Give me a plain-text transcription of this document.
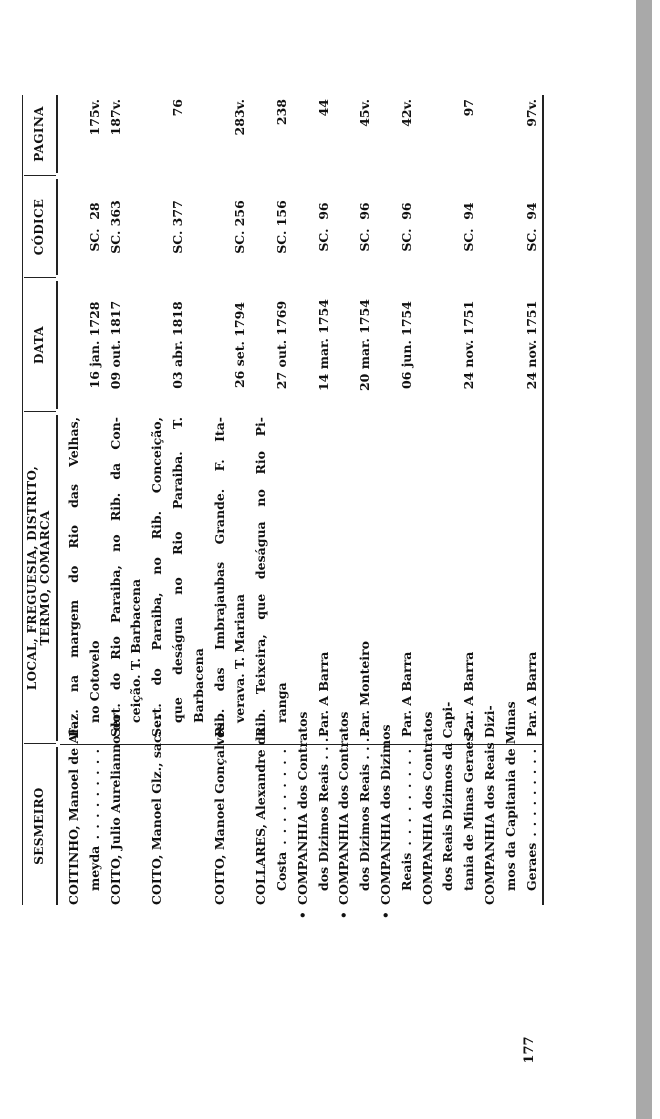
SESMEIRO
LOCAL, FREGUESIA, DISTRITO, TERMO, COMARCA
DATA
CÓDICE
PAGINA
COITINHO, Manoel de Al- meyda . . . . . . . . .
Faz. na margem do Rio das Velhas, no Cotovelo
16 jan. 1728
SC.  28
175v.
COITO, Julio Aurelianno do
Sert. do Rio Paraiba, no Rib. da Con- ceição. T. Barbacena
09 out. 1817
SC. 363
187v.
COITO, Manoel Glz., sac. . .
Sert. do Paraiba, no Rib. Conceição, que deságua no Rio Paraiba. T. Barbacena
03 abr. 1818
SC. 377
76
COITO, Manoel Gonçalves .
Rib. das Imbrajaubas Grande. F. Ita- verava. T. Mariana
26 set. 1794
SC. 256
283v.
COLLARES, Alexandre da Costa . . . . . . . . .
Rib. Teixeira, que deságua no Rio Pi- ranga
27 out. 1769
SC. 156
238
•
COMPANHIA dos Contratos dos Dizimos Reais . . . .
Par. A Barra
14 mar. 1754
SC.  96
44
•
COMPANHIA dos Contratos dos Dizimos Reais . . . .
Par. Monteiro
20 mar. 1754
SC.  96
45v.
•
COMPANHIA dos Dizimos Reais . . . . . . . . .
Par. A Barra
06 jun. 1754
SC.  96
42v.
COMPANHIA dos Contratos dos Reais Dizimos da Capi- tania de Minas Geraes . .
Par. A Barra
24 nov. 1751
SC.  94
97
COMPANHIA dos Reais Dizi- mos da Capitania de Minas Geraes . . . . . . . . .
Par. A Barra
24 nov. 1751
SC.  94
97v.
177
